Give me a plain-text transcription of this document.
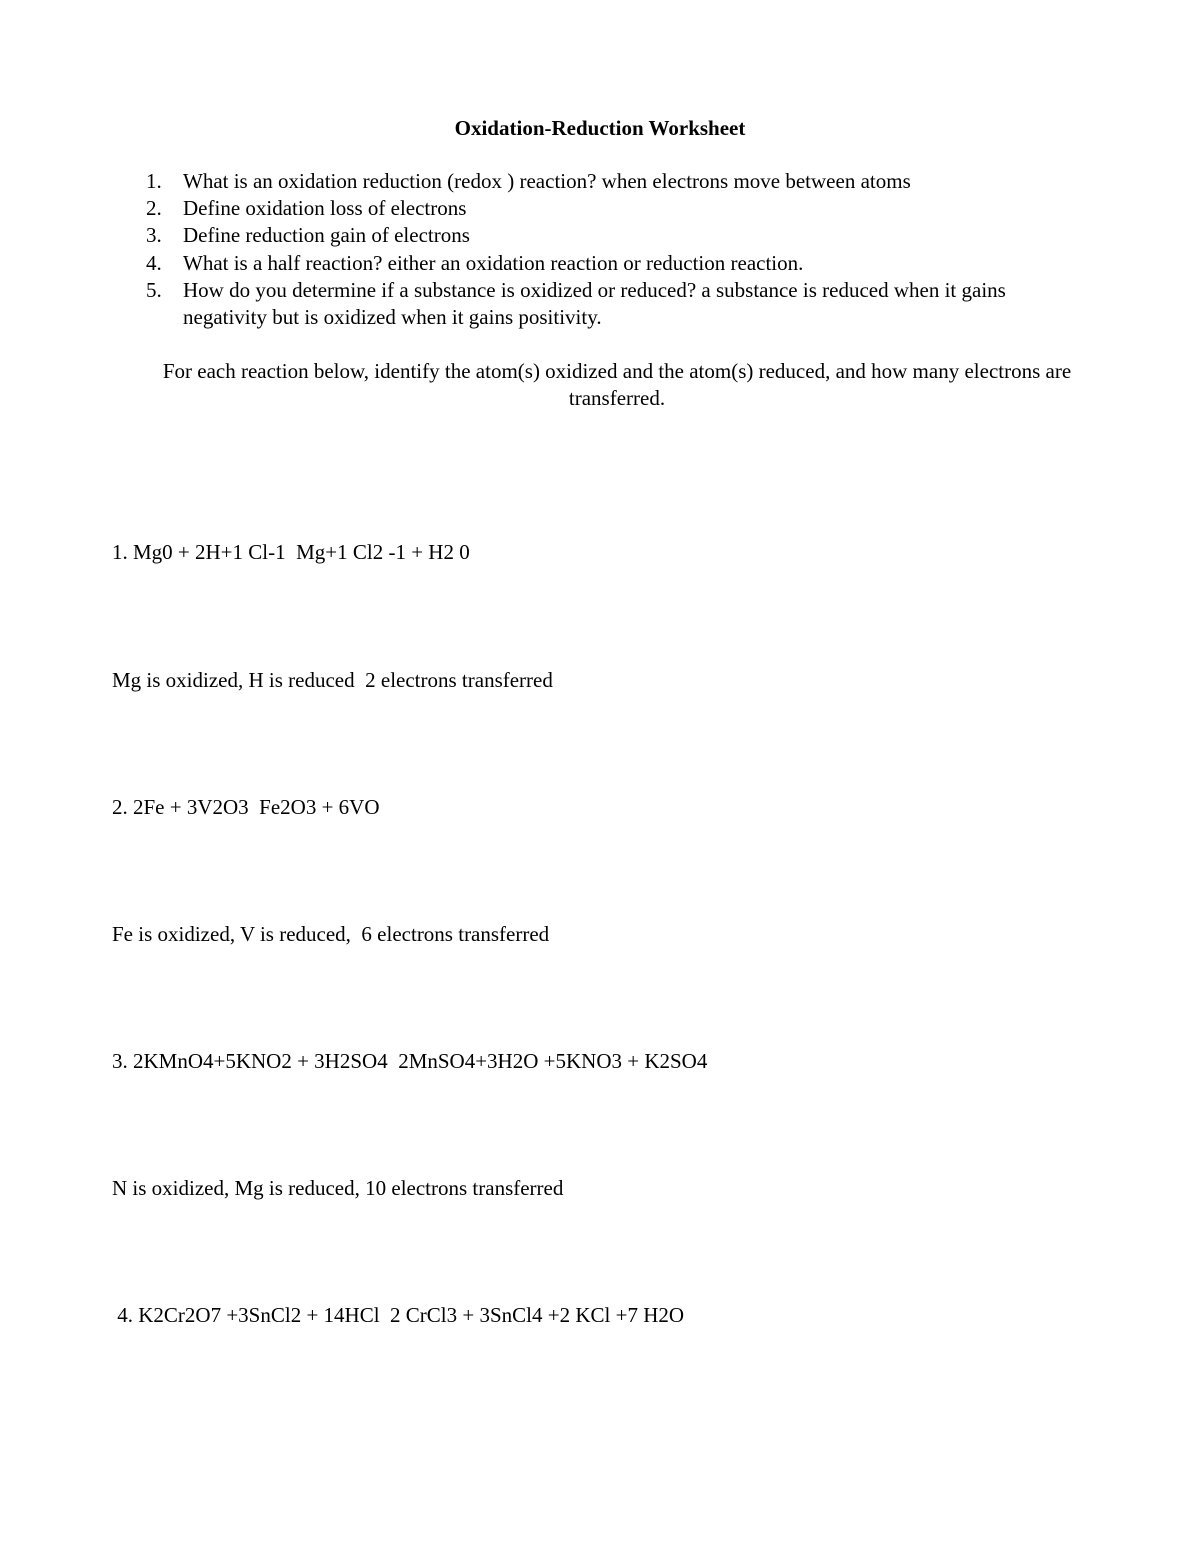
Oxidation-Reduction Worksheet
1. What is an oxidation reduction (redox ) reaction? when electrons move between atoms
2. Define oxidation loss of electrons
3. Define reduction gain of electrons
4. What is a half reaction? either an oxidation reaction or reduction reaction.
5. How do you determine if a substance is oxidized or reduced? a substance is reduced when it gains negativity but is oxidized when it gains positivity.

For each reaction below, identify the atom(s) oxidized and the atom(s) reduced, and how many electrons are transferred.

1. Mg0 + 2H+1 Cl-1  Mg+1 Cl2 -1 + H2 0

Mg is oxidized, H is reduced  2 electrons transferred

2. 2Fe + 3V2O3  Fe2O3 + 6VO

Fe is oxidized, V is reduced,  6 electrons transferred

3. 2KMnO4+5KNO2 + 3H2SO4  2MnSO4+3H2O +5KNO3 + K2SO4

N is oxidized, Mg is reduced, 10 electrons transferred

4. K2Cr2O7 +3SnCl2 + 14HCl  2 CrCl3 + 3SnCl4 +2 KCl +7 H2O
